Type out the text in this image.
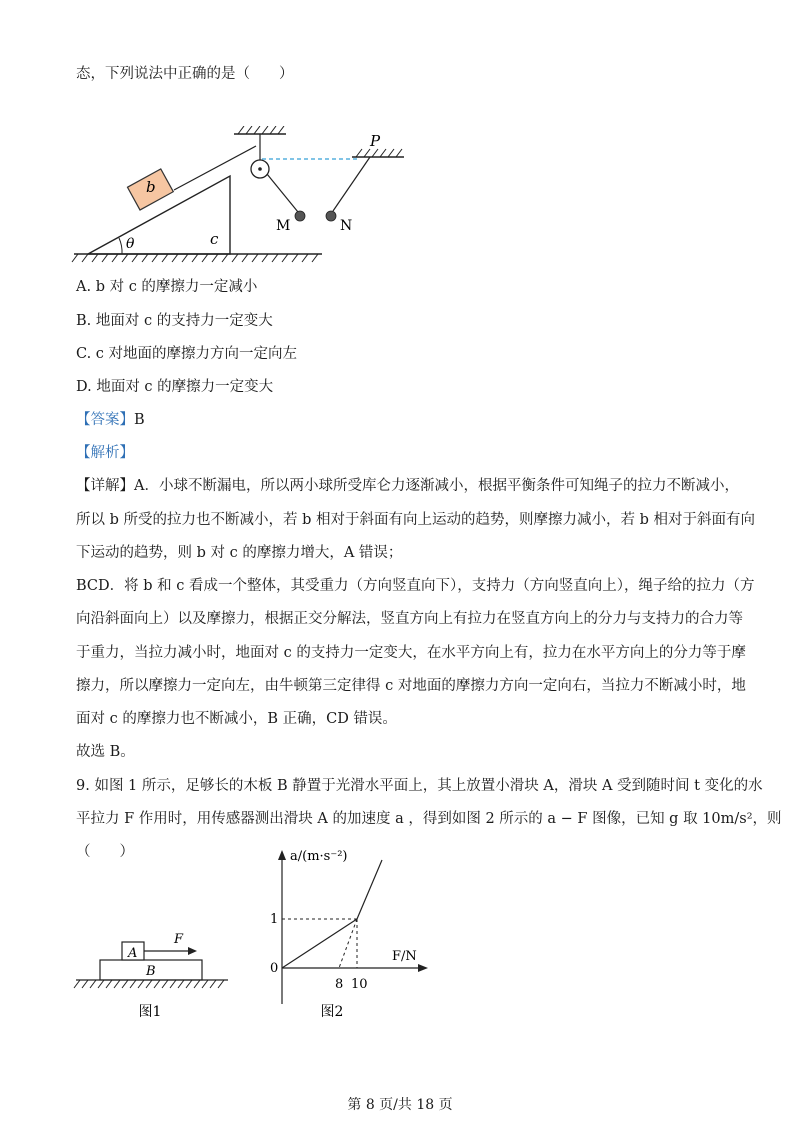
态，下列说法中正确的是（　　）
b
c
θ
P
M	N
A. b 对 c 的摩擦力一定减小
B. 地面对 c 的支持力一定变大
C. c 对地面的摩擦力方向一定向左
D. 地面对 c 的摩擦力一定变大
【答案】B
【解析】
【详解】A．小球不断漏电，所以两小球所受库仑力逐渐减小，根据平衡条件可知绳子的拉力不断减小，
所以 b 所受的拉力也不断减小，若 b 相对于斜面有向上运动的趋势，则摩擦力减小，若 b 相对于斜面有向
下运动的趋势，则 b 对 c 的摩擦力增大，A 错误；
BCD．将 b 和 c 看成一个整体，其受重力（方向竖直向下），支持力（方向竖直向上），绳子给的拉力（方
向沿斜面向上）以及摩擦力，根据正交分解法，竖直方向上有拉力在竖直方向上的分力与支持力的合力等
于重力，当拉力减小时，地面对 c 的支持力一定变大，在水平方向上有，拉力在水平方向上的分力等于摩
擦力，所以摩擦力一定向左，由牛顿第三定律得 c 对地面的摩擦力方向一定向右，当拉力不断减小时，地
面对 c 的摩擦力也不断减小，B 正确，CD 错误。
故选 B。
9. 如图 1 所示，足够长的木板 B 静置于光滑水平面上，其上放置小滑块 A，滑块 A 受到随时间 t 变化的水
平拉力 F 作用时，用传感器测出滑块 A 的加速度 a ，得到如图 2 所示的 a − F 图像，已知 g 取 10m/s²，则
（　　）
A
B
F
图1
a/(m·s⁻²)
F/N
1
0
8 10
图2
第 8 页/共 18 页
